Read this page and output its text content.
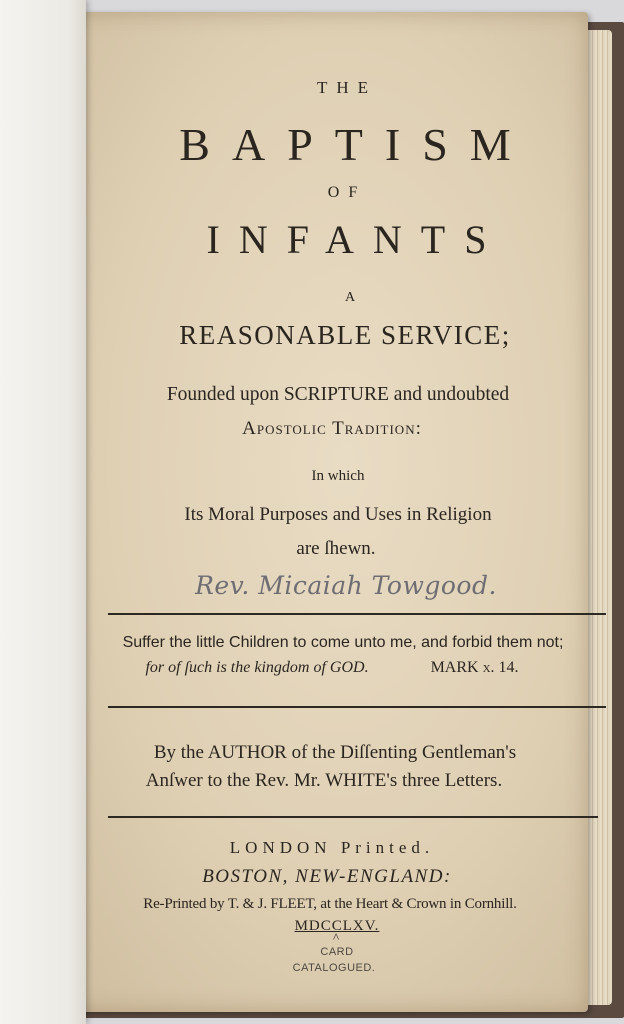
THE
BAPTISM
OF
INFANTS
A
REASONABLE SERVICE;
Founded upon SCRIPTURE and undoubted
Apostolic Tradition:
In which
Its Moral Purposes and Uses in Religion
are ſhewn.
Rev. Micaiah Towgood.
Suffer the little Children to come unto me, and forbid them not;
for of ſuch is the kingdom of GOD.	MARK x. 14.
By the AUTHOR of the Diſſenting Gentleman's
Anſwer to the Rev. Mr. WHITE's three Letters.
LONDON Printed.
BOSTON, NEW-ENGLAND:
Re-Printed by T. & J. FLEET, at the Heart & Crown in Cornhill.
MDCCLXV.
^
CARD
CATALOGUED.
